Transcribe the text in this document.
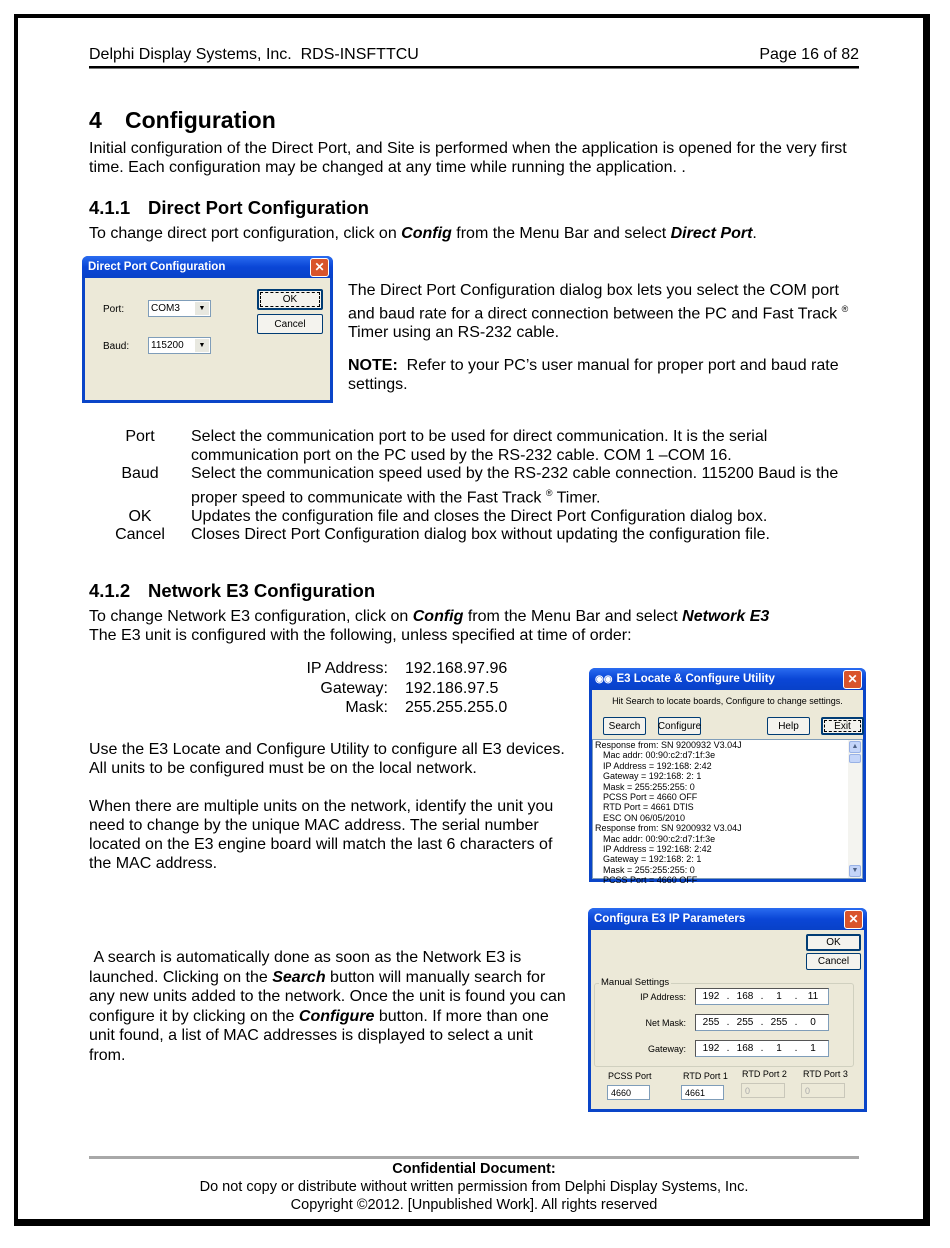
Delphi Display Systems, Inc.  RDS-INSFTTCU	Page 16 of 82
4 Configuration

Initial configuration of the Direct Port, and Site is performed when the application is opened for the very first time. Each configuration may be changed at any time while running the application. .

4.1.1 Direct Port Configuration

To change direct port configuration, click on Config from the Menu Bar and select Direct Port.

Direct Port Configuration	✕
Port:	COM3	▼
Baud: 115200	▼
OK
Cancel

The Direct Port Configuration dialog box lets you select the COM port and baud rate for a direct connection between the PC and Fast Track ® Timer using an RS-232 cable.

NOTE:  Refer to your PC’s user manual for proper port and baud rate settings.

Port	Select the communication port to be used for direct communication. It is the serial communication port on the PC used by the RS-232 cable. COM 1 –COM 16.
Baud	Select the communication speed used by the RS-232 cable connection. 115200 Baud is the proper speed to communicate with the Fast Track ® Timer.
OK	Updates the configuration file and closes the Direct Port Configuration dialog box.
Cancel	Closes Direct Port Configuration dialog box without updating the configuration file.
4.1.2 Network E3 Configuration

To change Network E3 configuration, click on Config from the Menu Bar and select Network E3
The E3 unit is configured with the following, unless specified at time of order:

IP Address:	192.168.97.96
Gateway:	192.186.97.5
Mask:	255.255.255.0

Use the E3 Locate and Configure Utility to configure all E3 devices. All units to be configured must be on the local network.

When there are multiple units on the network, identify the unit you need to change by the unique MAC address. The serial number located on the E3 engine board will match the last 6 characters of the MAC address.

A search is automatically done as soon as the Network E3 is launched. Clicking on the Search button will manually search for any new units added to the network. Once the unit is found you can configure it by clicking on the Configure button. If more than one unit found, a list of MAC addresses is displayed to select a unit from.

◉◉ E3 Locate & Configure Utility	✕
Hit Search to locate boards, Configure to change settings.
Search	Configure	Help	Exit
Response from: SN 9200932 V3.04J
Mac addr: 00:90:c2:d7:1f:3e
IP Address = 192:168: 2:42
Gateway = 192:168: 2: 1
Mask = 255:255:255: 0
PCSS Port = 4660 OFF
RTD Port = 4661 DTIS
ESC ON 06/05/2010
Response from: SN 9200932 V3.04J
Mac addr: 00:90:c2:d7:1f:3e
IP Address = 192:168: 2:42
Gateway = 192:168: 2: 1
Mask = 255:255:255: 0
PCSS Port = 4660 OFF
▲
▼
Configura E3 IP Parameters	✕
OK
Cancel
Manual Settings
IP Address:	192 . 168 .	1	.	11
Net Mask:	255 . 255 . 255 .	0
Gateway:	192 . 168 .	1	.	1
PCSS Port
4660
RTD Port 1
4661
RTD Port 2
0
RTD Port 3
0
Confidential Document:
Do not copy or distribute without written permission from Delphi Display Systems, Inc.
Copyright ©2012. [Unpublished Work]. All rights reserved
